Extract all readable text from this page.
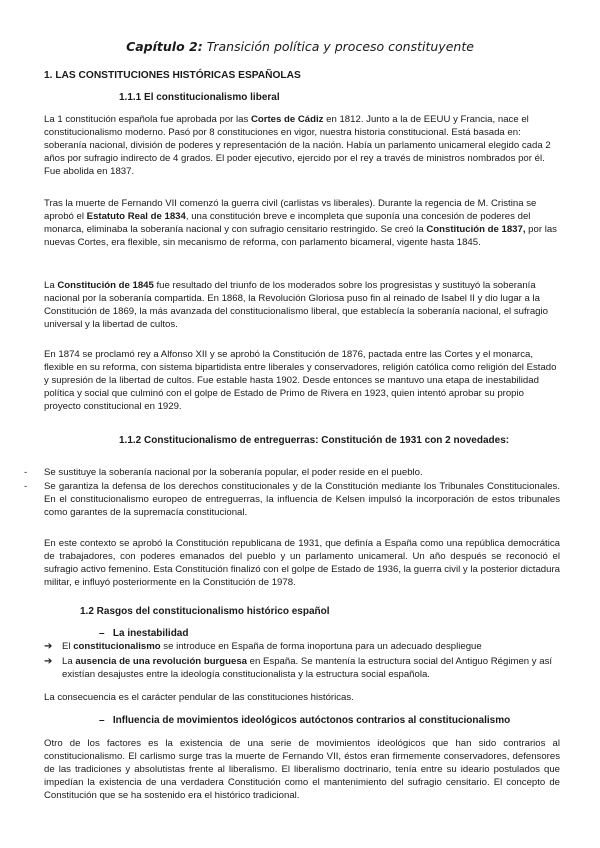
Capítulo 2: Transición política y proceso constituyente
1. LAS CONSTITUCIONES HISTÓRICAS ESPAÑOLAS
1.1.1 El constitucionalismo liberal

La 1 constitución española fue aprobada por las Cortes de Cádiz en 1812. Junto a la de EEUU y Francia, nace el constitucionalismo moderno. Pasó por 8 constituciones en vigor, nuestra historia constitucional. Está basada en: soberanía nacional, división de poderes y representación de la nación. Había un parlamento unicameral elegido cada 2 años por sufragio indirecto de 4 grados. El poder ejecutivo, ejercido por el rey a través de ministros nombrados por él. Fue abolida en 1837.

Tras la muerte de Fernando VII comenzó la guerra civil (carlistas vs liberales). Durante la regencia de M. Cristina se aprobó el Estatuto Real de 1834, una constitución breve e incompleta que suponía una concesión de poderes del monarca, eliminaba la soberanía nacional y con sufragio censitario restringido. Se creó la Constitución de 1837, por las nuevas Cortes, era flexible, sin mecanismo de reforma, con parlamento bicameral, vigente hasta 1845.

La Constitución de 1845 fue resultado del triunfo de los moderados sobre los progresistas y sustituyó la soberanía nacional por la soberanía compartida. En 1868, la Revolución Gloriosa puso fin al reinado de Isabel II y dio lugar a la Constitución de 1869, la más avanzada del constitucionalismo liberal, que establecía la soberanía nacional, el sufragio universal y la libertad de cultos.

En 1874 se proclamó rey a Alfonso XII y se aprobó la Constitución de 1876, pactada entre las Cortes y el monarca, flexible en su reforma, con sistema bipartidista entre liberales y conservadores, religión católica como religión del Estado y supresión de la libertad de cultos. Fue estable hasta 1902. Desde entonces se mantuvo una etapa de inestabilidad política y social que culminó con el golpe de Estado de Primo de Rivera en 1923, quien intentó aprobar su propio proyecto constitucional en 1929.

1.1.2 Constitucionalismo de entreguerras: Constitución de 1931 con 2 novedades:
- Se sustituye la soberanía nacional por la soberanía popular, el poder reside en el pueblo.

- Se garantiza la defensa de los derechos constitucionales y de la Constitución mediante los Tribunales Constitucionales. En el constitucionalismo europeo de entreguerras, la influencia de Kelsen impulsó la incorporación de estos tribunales como garantes de la supremacía constitucional.

En este contexto se aprobó la Constitución republicana de 1931, que definía a España como una república democrática de trabajadores, con poderes emanados del pueblo y un parlamento unicameral. Un año después se reconoció el sufragio activo femenino. Esta Constitución finalizó con el golpe de Estado de 1936, la guerra civil y la posterior dictadura militar, e influyó posteriormente en la Constitución de 1978.

1.2 Rasgos del constitucionalismo histórico español
– La inestabilidad
➔ El constitucionalismo se introduce en España de forma inoportuna para un adecuado despliegue

➔ La ausencia de una revolución burguesa en España. Se mantenía la estructura social del Antiguo Régimen y así existían desajustes entre la ideología constitucionalista y la estructura social española.

La consecuencia es el carácter pendular de las constituciones históricas.

– Influencia de movimientos ideológicos autóctonos contrarios al constitucionalismo

Otro de los factores es la existencia de una serie de movimientos ideológicos que han sido contrarios al constitucionalismo. El carlismo surge tras la muerte de Fernando VII, éstos eran firmemente conservadores, defensores de las tradiciones y absolutistas frente al liberalismo. El liberalismo doctrinario, tenía entre su ideario postulados que impedían la existencia de una verdadera Constitución como el mantenimiento del sufragio censitario. El concepto de Constitución que se ha sostenido era el histórico tradicional.
